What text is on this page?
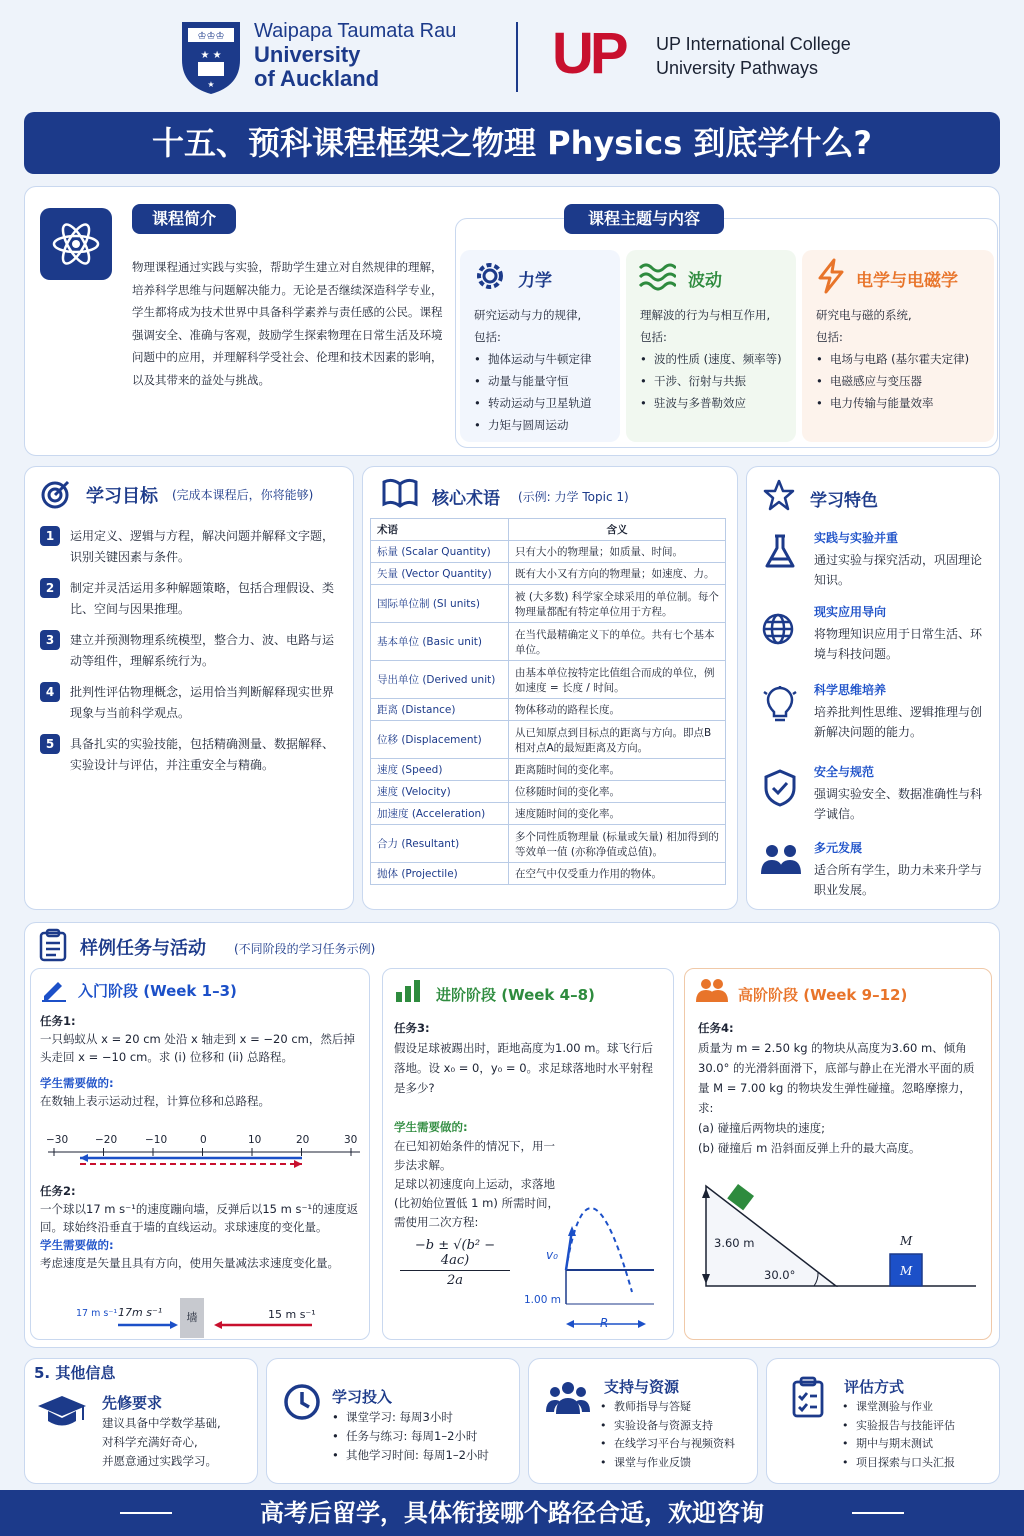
♔♔♔
★ ★
★
Waipapa Taumata Rau
University
of Auckland	UP UP International College
University Pathways
十五、预科课程框架之物理 Physics 到底学什么?
课程简介
物理课程通过实践与实验，帮助学生建立对自然规律的理解，培养科学思维与问题解决能力。无论是否继续深造科学专业，学生都将成为技术世界中具备科学素养与责任感的公民。课程强调安全、准确与客观，鼓励学生探索物理在日常生活及环境问题中的应用，并理解科学受社会、伦理和技术因素的影响，以及其带来的益处与挑战。
课程主题与内容
力学
研究运动与力的规律,
包括:
• 抛体运动与牛顿定律
• 动量与能量守恒
• 转动运动与卫星轨道
• 力矩与圆周运动
波动
理解波的行为与相互作用,
包括:
• 波的性质 (速度、频率等)
• 干涉、衍射与共振
• 驻波与多普勒效应
电学与电磁学
研究电与磁的系统,
包括:
• 电场与电路 (基尔霍夫定律)
• 电磁感应与变压器
• 电力传输与能量效率
学习目标 (完成本课程后，你将能够)
1	运用定义、逻辑与方程，解决问题并解释文字题，识别关键因素与条件。
2	制定并灵活运用多种解题策略，包括合理假设、类比、空间与因果推理。
3	建立并预测物理系统模型，整合力、波、电路与运动等组件，理解系统行为。
4	批判性评估物理概念，运用恰当判断解释现实世界现象与当前科学观点。
5	具备扎实的实验技能，包括精确测量、数据解释、实验设计与评估，并注重安全与精确。
核心术语 (示例: 力学 Topic 1)
术语	含义
标量 (Scalar Quantity)	只有大小的物理量；如质量、时间。
矢量 (Vector Quantity)	既有大小又有方向的物理量；如速度、力。
国际单位制 (SI units)	被 (大多数) 科学家全球采用的单位制。每个物理量都配有特定单位用于方程。
基本单位 (Basic unit)	在当代最精确定义下的单位。共有七个基本单位。
导出单位 (Derived unit)	由基本单位按特定比值组合而成的单位，例如速度 = 长度 / 时间。
距离 (Distance)	物体移动的路程长度。
位移 (Displacement)	从已知原点到目标点的距离与方向。即点B相对点A的最短距离及方向。
速度 (Speed)	距离随时间的变化率。
速度 (Velocity)	位移随时间的变化率。
加速度 (Acceleration)	速度随时间的变化率。
合力 (Resultant)	多个同性质物理量 (标量或矢量) 相加得到的等效单一值 (亦称净值或总值)。
抛体 (Projectile)	在空气中仅受重力作用的物体。
学习特色
实践与实验并重
通过实验与探究活动，巩固理论知识。
现实应用导向
将物理知识应用于日常生活、环境与科技问题。
科学思维培养
培养批判性思维、逻辑推理与创新解决问题的能力。
安全与规范
强调实验安全、数据准确性与科学诚信。
多元发展
适合所有学生，助力未来升学与职业发展。
样例任务与活动 (不同阶段的学习任务示例)
入门阶段 (Week 1–3)
任务1:
一只蚂蚁从 x = 20 cm 处沿 x 轴走到 x = −20 cm，然后掉头走回 x = −10 cm。求 (i) 位移和 (ii) 总路程。
学生需要做的:
在数轴上表示运动过程，计算位移和总路程。
−30	−20	−10	0	10	20	30
任务2:
一个球以17 m s⁻¹的速度蹦向墙，反弹后以15 m s⁻¹的速度返回。球始终沿垂直于墙的直线运动。求球速度的变化量。
学生需要做的:
考虑速度是矢量且具有方向，使用矢量减法求速度变化量。
17 m s⁻¹ 17m s⁻¹	墙	15 m s⁻¹
进阶阶段 (Week 4–8)
任务3:
假设足球被踢出时，距地高度为1.00 m。球飞行后落地。设 x₀ = 0，y₀ = 0。求足球落地时水平射程是多少?
学生需要做的:
在已知初始条件的情况下，用一步法求解。
足球以初速度向上运动，求落地 (比初始位置低 1 m) 所需时间，需使用二次方程:
$\frac{\text{−b ± √(b² − 4ac)}}{2a}$	v₀
1.00 m
R
高阶阶段 (Week 9–12)
任务4:
质量为 m = 2.50 kg 的物块从高度为3.60 m、倾角 30.0° 的光滑斜面滑下，底部与静止在光滑水平面的质量 M = 7.00 kg 的物块发生弹性碰撞。忽略摩擦力，求:
(a) 碰撞后两物块的速度;
(b) 碰撞后 m 沿斜面反弹上升的最大高度。
3.60 m
30.0°
M
M
5. 其他信息
先修要求
建议具备中学数学基础,
对科学充满好奇心,
并愿意通过实践学习。
学习投入
• 课堂学习: 每周3小时
• 任务与练习: 每周1–2小时
• 其他学习时间: 每周1–2小时
支持与资源
• 教师指导与答疑
• 实验设备与资源支持
• 在线学习平台与视频资料
• 课堂与作业反馈
评估方式
• 课堂测验与作业
• 实验报告与技能评估
• 期中与期末测试
• 项目探索与口头汇报
高考后留学，具体衔接哪个路径合适，欢迎咨询
